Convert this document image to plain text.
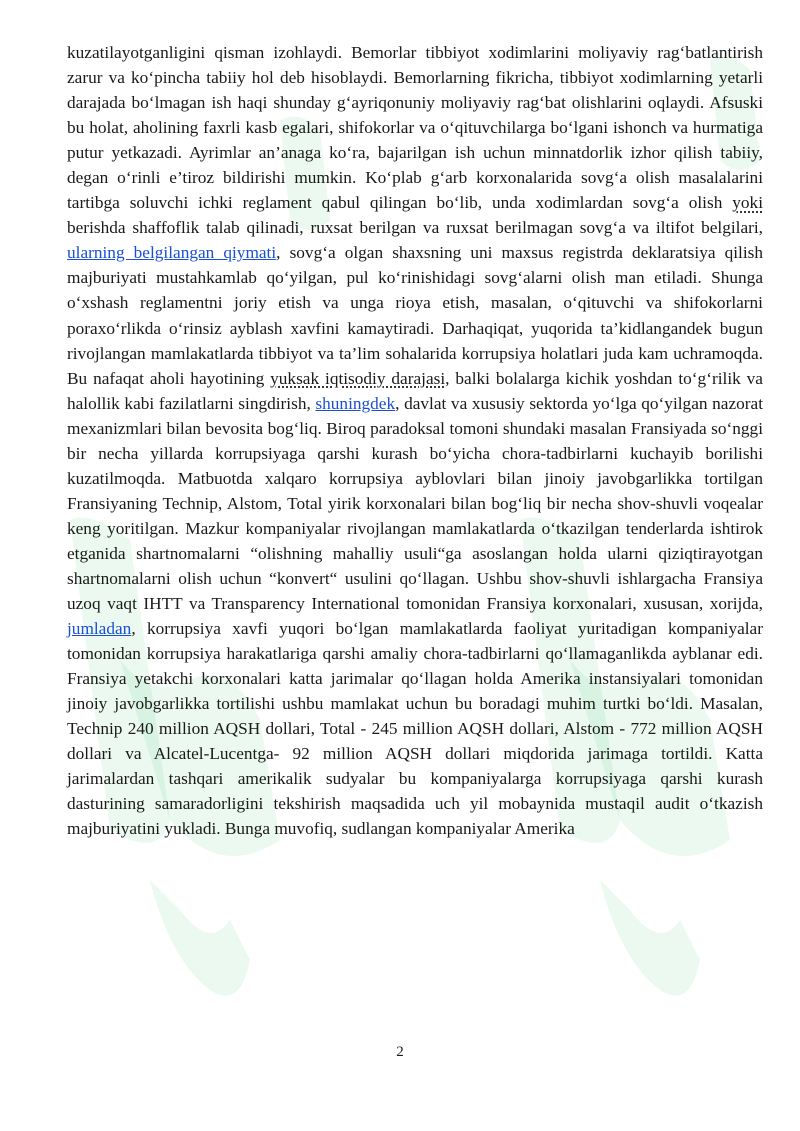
kuzatilayotganligini qisman izohlaydi. Bemorlar tibbiyot xodimlarini moliyaviy rag‘batlantirish zarur va ko‘pincha tabiiy hol deb hisoblaydi. Bemorlarning fikricha, tibbiyot xodimlarning yetarli darajada bo‘lmagan ish haqi shunday g‘ayriqonuniy moliyaviy rag‘bat olishlarini oqlaydi. Afsuski bu holat, aholining faxrli kasb egalari, shifokorlar va o‘qituvchilarga bo‘lgani ishonch va hurmatiga putur yetkazadi. Ayrimlar an’anaga ko‘ra, bajarilgan ish uchun minnatdorlik izhor qilish tabiiy, degan o‘rinli e’tiroz bildirishi mumkin. Ko‘plab g‘arb korxonalarida sovg‘a olish masalalarini tartibga soluvchi ichki reglament qabul qilingan bo‘lib, unda xodimlardan sovg‘a olish yoki berishda shaffoflik talab qilinadi, ruxsat berilgan va ruxsat berilmagan sovg‘a va iltifot belgilari, ularning belgilangan qiymati, sovg‘a olgan shaxsning uni maxsus registrda deklaratsiya qilish majburiyati mustahkamlab qo‘yilgan, pul ko‘rinishidagi sovg‘alarni olish man etiladi. Shunga o‘xshash reglamentni joriy etish va unga rioya etish, masalan, o‘qituvchi va shifokorlarni poraxo‘rlikda o‘rinsiz ayblash xavfini kamaytiradi. Darhaqiqat, yuqorida ta’kidlangandek bugun rivojlangan mamlakatlarda tibbiyot va ta’lim sohalarida korrupsiya holatlari juda kam uchramoqda. Bu nafaqat aholi hayotining yuksak iqtisodiy darajasi, balki bolalarga kichik yoshdan to‘g‘rilik va halollik kabi fazilatlarni singdirish, shuningdek, davlat va xususiy sektorda yo‘lga qo‘yilgan nazorat mexanizmlari bilan bevosita bog‘liq. Biroq paradoksal tomoni shundaki masalan Fransiyada so‘nggi bir necha yillarda korrupsiyaga qarshi kurash bo‘yicha chora-tadbirlarni kuchayib borilishi kuzatilmoqda. Matbuotda xalqaro korrupsiya ayblovlari bilan jinoiy javobgarlikka tortilgan Fransiyaning Technip, Alstom, Total yirik korxonalari bilan bog‘liq bir necha shov-shuvli voqealar keng yoritilgan. Mazkur kompaniyalar rivojlangan mamlakatlarda o‘tkazilgan tenderlarda ishtirok etganida shartnomalarni “olishning mahalliy usuli“ga asoslangan holda ularni qiziqtirayotgan shartnomalarni olish uchun “konvert“ usulini qo‘llagan. Ushbu shov-shuvli ishlargacha Fransiya uzoq vaqt IHTT va Transparency International tomonidan Fransiya korxonalari, xususan, xorijda, jumladan, korrupsiya xavfi yuqori bo‘lgan mamlakatlarda faoliyat yuritadigan kompaniyalar tomonidan korrupsiya harakatlariga qarshi amaliy chora-tadbirlarni qo‘llamaganlikda ayblanar edi. Fransiya yetakchi korxonalari katta jarimalar qo‘llagan holda Amerika instansiyalari tomonidan jinoiy javobgarlikka tortilishi ushbu mamlakat uchun bu boradagi muhim turtki bo‘ldi. Masalan, Technip 240 million AQSH dollari, Total - 245 million AQSH dollari, Alstom - 772 million AQSH dollari va Alcatel-Lucentga- 92 million AQSH dollari miqdorida jarimaga tortildi. Katta jarimalardan tashqari amerikalik sudyalar bu kompaniyalarga korrupsiyaga qarshi kurash dasturining samaradorligini tekshirish maqsadida uch yil mobaynida mustaqil audit o‘tkazish majburiyatini yukladi. Bunga muvofiq, sudlangan kompaniyalar Amerika

2
